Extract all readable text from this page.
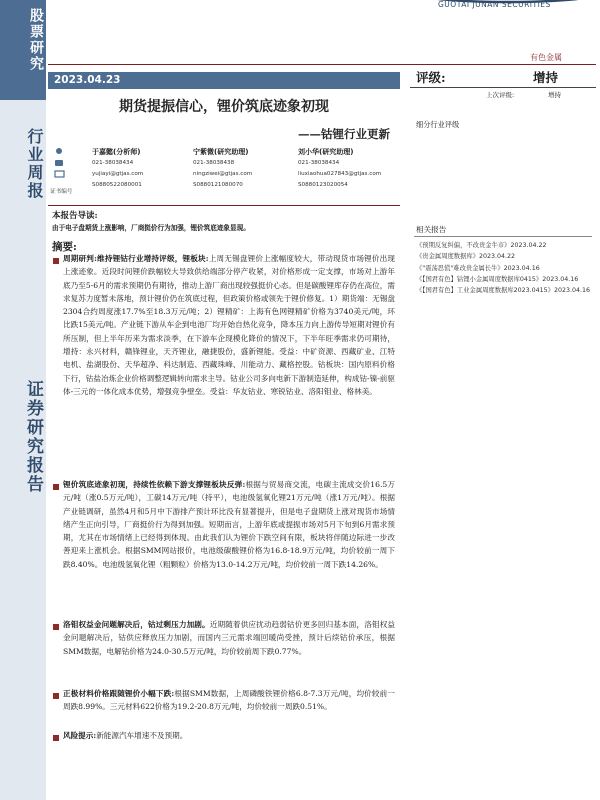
股票研究
行业周报
证券研究报告
GUOTAI JUNAN SECURITIES
有色金属
2023.04.23
期货提振信心，锂价筑底迹象初现
——钴锂行业更新
证书编号
于嘉懿(分析师)
021-38038434
yujiayi@gtjas.com
S0880522080001
宁紫微(研究助理)
021-38038438
ningziwei@gtjas.com
S0880121080070
刘小华(研究助理)
021-38038434
liuxiaohua027843@gtjas.com
S0880123020054
本报告导读:
由于电子盘期货上涨影响，厂商挺价行为加强，锂价筑底迹象显现。
摘要:
周期研判:维持锂钴行业增持评级，锂板块:上周无锡盘锂价上涨幅度较大，带动现货市场锂价出现上涨迹象。近段时间锂价跌幅较大导致供给端部分停产收紧，对价格形成一定支撑，市场对上游年底乃至5-6月的需求预期仍有期待，推动上游厂商出现较强挺价心态。但是碳酸锂库存仍在高位，需求复苏力度暂未落地，预计锂价仍在筑底过程，但政策价格或领先于锂价修复。1）期货端：无锡盘2304合约周度涨17.7%至18.3万元/吨；2）锂精矿：上海有色网锂精矿价格为3740美元/吨，环比跌15美元/吨。产业链下游从车企到电池厂均开始自热化竞争，降本压力向上游传导短期对锂价有所压制，但上半年历来为需求淡季，在下游车企现模化降价的情况下，下半年旺季需求仍可期待，增持：永兴材料，赣锋锂业，天齐锂业，融捷股份，盛新锂能。受益：中矿资源、西藏矿业、江特电机、盐湖股份、天华超净、科达制造、西藏珠峰、川能动力、藏格控股。钴板块：国内原料价格下行，钴盐冶炼企业价格调整逻辑转向需求主导。钴业公司多向电新下游制造延伸，构成钴-镍-前驱体-三元的一体化成本优势，增强竞争壁垒。受益：华友钴业、寒锐钴业、洛阳钼业、格林美。
锂价筑底迹象初现，持续性依赖下游支撑锂板块反弹:根据与贸易商交流，电碳主流成交价16.5万元/吨（涨0.5万元/吨），工碳14万元/吨（持平），电池级氢氧化锂21万元/吨（涨1万元/吨）。根据产业链调研，虽然4月和5月中下游排产预计环比没有显著提升，但是电子盘期货上涨对现货市场情绪产生正向引导，厂商挺价行为得到加强。短期而言，上游年底或提振市场对5月下旬到6月需求预期，尤其在市场情绪上已经得到体现。由此我们认为锂价下跌空间有限，板块将伴随边际进一步改善迎来上涨机会。根据SMM网站报价，电池级碳酸锂价格为16.8-18.9万元/吨，均价较前一周下跌8.40%。电池级氢氧化锂（粗颗粒）价格为13.0-14.2万元/吨，均价较前一周下跌14.26%。
洛钼权益金问题解决后，钴过剩压力加剧。近期随着供应扰动趋弱钴价更多回归基本面，洛钼权益金问题解决后，钴供应释放压力加剧，而国内三元需求端回暖尚受挫，预计后续钴价承压，根据SMM数据，电解钴价格为24.0-30.5万元/吨，均价较前周下跌0.77%。
正极材料价格跟随锂价小幅下跌:根据SMM数据，上周磷酸铁锂价格6.8-7.3万元/吨，均价较前一周跌8.99%。三元材料622价格为19.2-20.8万元/吨，均价较前一周跌0.51%。
风险提示:新能源汽车增速不及预期。
评级:	增持
上次评级:	增持
细分行业评级
相关报告
《预期反复纠偏，不改贵金牛市》2023.04.22
《贵金属周度数据库》2023.04.22
《"震荡思慌"难改贵金属长牛》2023.04.16
《【国君有色】钴锂小金属周度数据库0415》2023.04.16
《【国君有色】工业金属周度数据库2023.0415》2023.04.16
